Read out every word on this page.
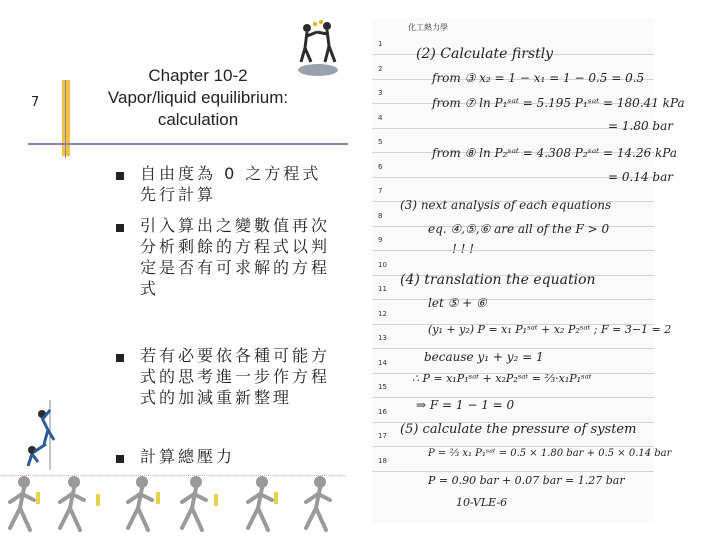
7
Chapter 10-2
Vapor/liquid equilibrium:
calculation
自由度為 0 之方程式先行計算
引入算出之變數值再次分析剩餘的方程式以判定是否有可求解的方程式
若有必要依各種可能方式的思考進一步作方程式的加減重新整理
計算總壓力
化工熱力學
1
2
3
4
5
6
7
8
9
10
11
12
13
14
15
16
17
18
(2) Calculate firstly
from ③ x₂ = 1 − x₁ = 1 − 0.5 = 0.5
from ⑦ ln P₁ˢᵃᵗ = 5.195 P₁ˢᵃᵗ = 180.41 kPa
= 1.80 bar
from ⑧ ln P₂ˢᵃᵗ = 4.308 P₂ˢᵃᵗ = 14.26 kPa
= 0.14 bar
(3) next analysis of each equations
eq. ④,⑤,⑥ are all of the F > 0
! ! !
(4) translation the equation
let ⑤ + ⑥
(y₁ + y₂) P = x₁ P₁ˢᵃᵗ + x₂ P₂ˢᵃᵗ ; F = 3−1 = 2
because y₁ + y₂ = 1
∴ P = x₁P₁ˢᵃᵗ + x₂P₂ˢᵃᵗ = ⅔·x₁P₁ˢᵃᵗ
⇒ F = 1 − 1 = 0
(5) calculate the pressure of system
P = ⅔ x₁ P₁ˢᵃᵗ = 0.5 × 1.80 bar + 0.5 × 0.14 bar
P = 0.90 bar + 0.07 bar = 1.27 bar
10-VLE-6
